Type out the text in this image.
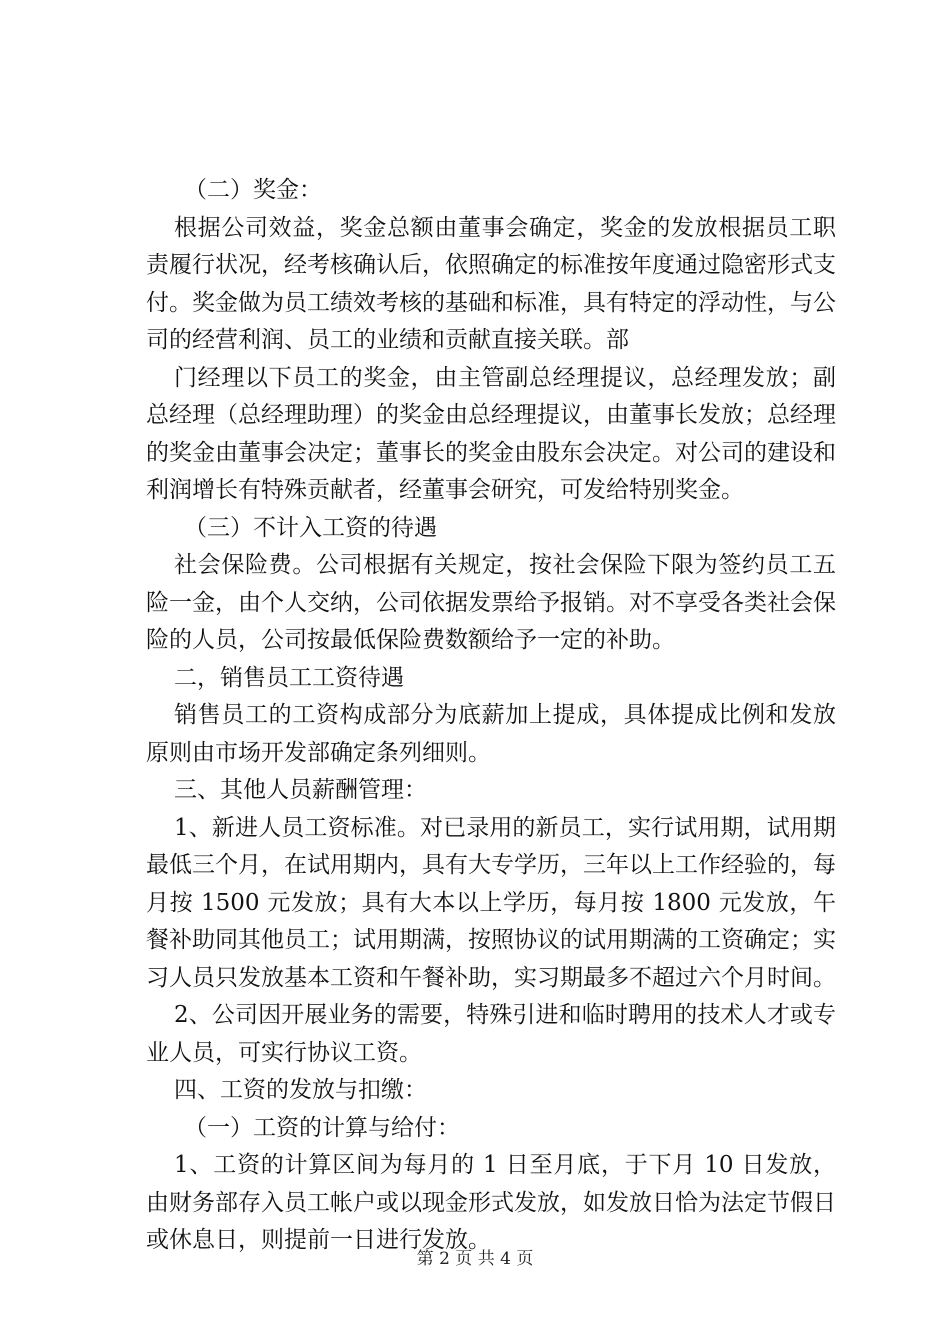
（二）奖金：

根据公司效益，奖金总额由董事会确定，奖金的发放根据员工职责履行状况，经考核确认后，依照确定的标准按年度通过隐密形式支付。奖金做为员工绩效考核的基础和标准，具有特定的浮动性，与公司的经营利润、员工的业绩和贡献直接关联。部

门经理以下员工的奖金，由主管副总经理提议，总经理发放；副总经理（总经理助理）的奖金由总经理提议，由董事长发放；总经理的奖金由董事会决定；董事长的奖金由股东会决定。对公司的建设和利润增长有特殊贡献者，经董事会研究，可发给特别奖金。

（三）不计入工资的待遇

社会保险费。公司根据有关规定，按社会保险下限为签约员工五险一金，由个人交纳，公司依据发票给予报销。对不享受各类社会保险的人员，公司按最低保险费数额给予一定的补助。

二，销售员工工资待遇

销售员工的工资构成部分为底薪加上提成，具体提成比例和发放原则由市场开发部确定条列细则。

三、其他人员薪酬管理：

1、新进人员工资标准。对已录用的新员工，实行试用期，试用期最低三个月，在试用期内，具有大专学历，三年以上工作经验的，每月按 1500 元发放；具有大本以上学历，每月按 1800 元发放，午餐补助同其他员工；试用期满，按照协议的试用期满的工资确定；实习人员只发放基本工资和午餐补助，实习期最多不超过六个月时间。

2、公司因开展业务的需要，特殊引进和临时聘用的技术人才或专业人员，可实行协议工资。

四、工资的发放与扣缴：

（一）工资的计算与给付：

1、工资的计算区间为每月的 1 日至月底，于下月 10 日发放，由财务部存入员工帐户或以现金形式发放，如发放日恰为法定节假日或休息日，则提前一日进行发放。

第 2 页 共 4 页
